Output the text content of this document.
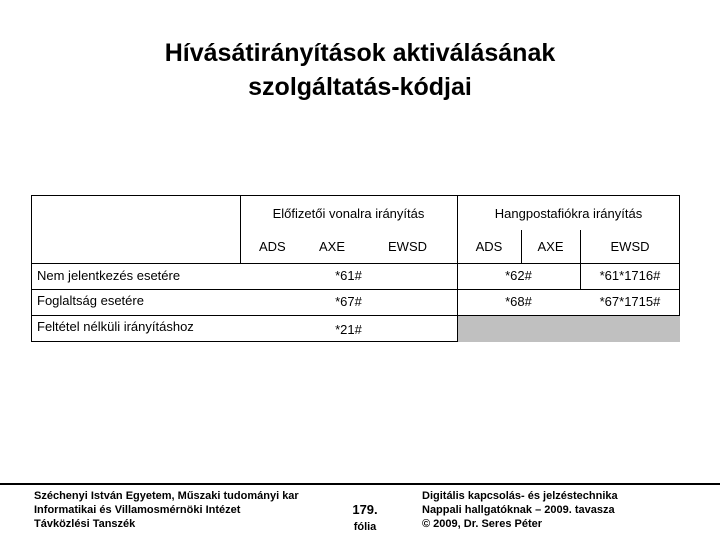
Hívásátirányítások aktiválásának
szolgáltatás-kódjai
Előfizetői vonalra irányítás	Hangpostafiókra irányítás
ADS	AXE	EWSD	ADS	AXE	EWSD
Nem jelentkezés esetére	*61#	*62#	*61*1716#
Foglaltság esetére	*67#	*68#	*67*1715#
Feltétel nélküli irányításhoz	*21#
Széchenyi István Egyetem, Műszaki tudományi kar
Informatikai és Villamosmérnöki Intézet
Távközlési Tanszék
179.
fólia
Digitális kapcsolás- és jelzéstechnika
Nappali hallgatóknak – 2009. tavasza
© 2009, Dr. Seres Péter
